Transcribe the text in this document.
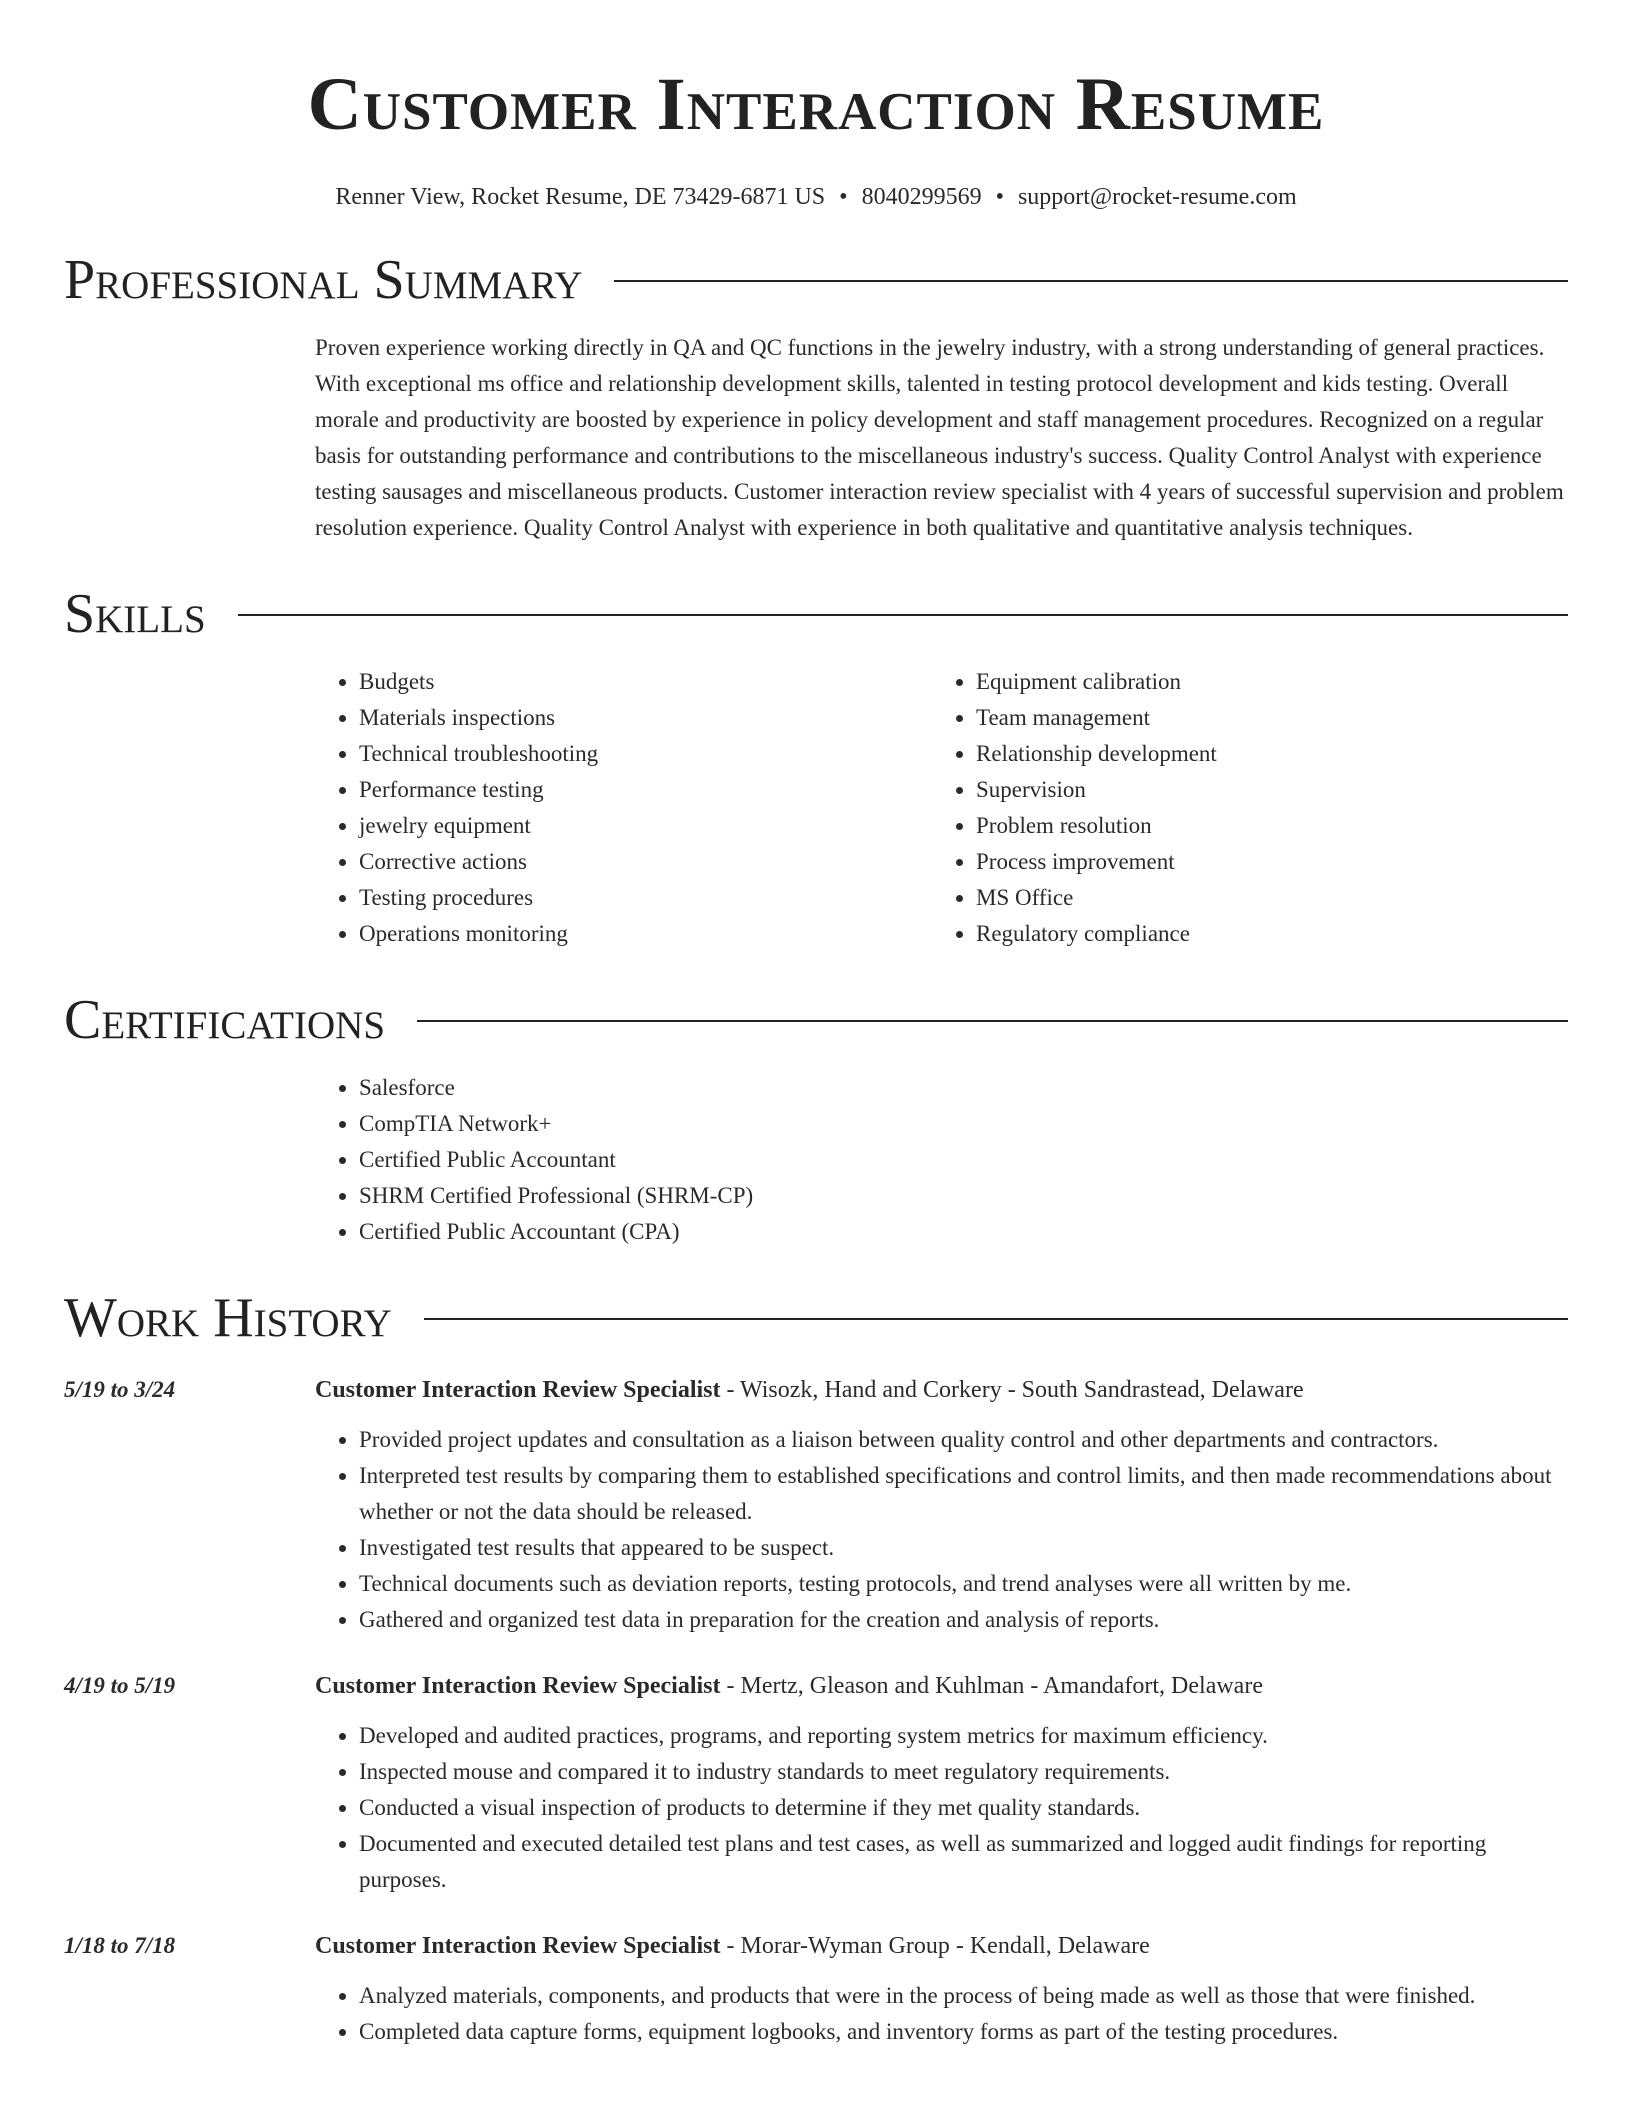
Customer Interaction Resume
Renner View, Rocket Resume, DE 73429-6871 US • 8040299569 • support@rocket-resume.com
Professional Summary
Proven experience working directly in QA and QC functions in the jewelry industry, with a strong understanding of general practices. With exceptional ms office and relationship development skills, talented in testing protocol development and kids testing. Overall morale and productivity are boosted by experience in policy development and staff management procedures. Recognized on a regular basis for outstanding performance and contributions to the miscellaneous industry's success. Quality Control Analyst with experience testing sausages and miscellaneous products. Customer interaction review specialist with 4 years of successful supervision and problem resolution experience. Quality Control Analyst with experience in both qualitative and quantitative analysis techniques.
Skills
• Budgets
• Materials inspections
• Technical troubleshooting
• Performance testing
• jewelry equipment
• Corrective actions
• Testing procedures
• Operations monitoring
• Equipment calibration
• Team management
• Relationship development
• Supervision
• Problem resolution
• Process improvement
• MS Office
• Regulatory compliance
Certifications
• Salesforce
• CompTIA Network+
• Certified Public Accountant
• SHRM Certified Professional (SHRM-CP)
• Certified Public Accountant (CPA)
Work History
5/19 to 3/24	Customer Interaction Review Specialist - Wisozk, Hand and Corkery - South Sandrastead, Delaware
• Provided project updates and consultation as a liaison between quality control and other departments and contractors.
• Interpreted test results by comparing them to established specifications and control limits, and then made recommendations about whether or not the data should be released.
• Investigated test results that appeared to be suspect.
• Technical documents such as deviation reports, testing protocols, and trend analyses were all written by me.
• Gathered and organized test data in preparation for the creation and analysis of reports.
4/19 to 5/19	Customer Interaction Review Specialist - Mertz, Gleason and Kuhlman - Amandafort, Delaware
• Developed and audited practices, programs, and reporting system metrics for maximum efficiency.
• Inspected mouse and compared it to industry standards to meet regulatory requirements.
• Conducted a visual inspection of products to determine if they met quality standards.
• Documented and executed detailed test plans and test cases, as well as summarized and logged audit findings for reporting purposes.
1/18 to 7/18	Customer Interaction Review Specialist - Morar-Wyman Group - Kendall, Delaware
• Analyzed materials, components, and products that were in the process of being made as well as those that were finished.
• Completed data capture forms, equipment logbooks, and inventory forms as part of the testing procedures.
